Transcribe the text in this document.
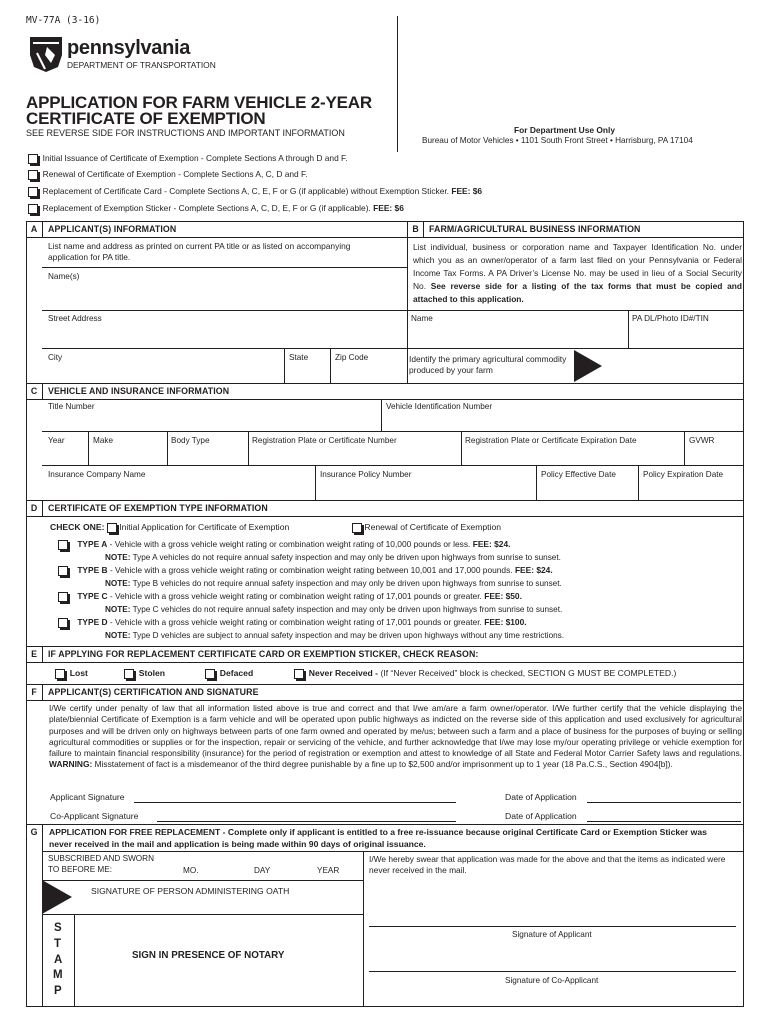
MV-77A (3-16)
pennsylvania
DEPARTMENT OF TRANSPORTATION
APPLICATION FOR FARM VEHICLE 2-YEAR
CERTIFICATE OF EXEMPTION
SEE REVERSE SIDE FOR INSTRUCTIONS AND IMPORTANT INFORMATION	For Department Use Only
Bureau of Motor Vehicles • 1101 South Front Street • Harrisburg, PA 17104
Initial Issuance of Certificate of Exemption - Complete Sections A through D and F.
Renewal of Certificate of Exemption - Complete Sections A, C, D and F.
Replacement of Certificate Card - Complete Sections A, C, E, F or G (if applicable) without Exemption Sticker. FEE: $6
Replacement of Exemption Sticker - Complete Sections A, C, D, E, F or G (if applicable). FEE: $6
A	APPLICANT(S) INFORMATION	B	FARM/AGRICULTURAL BUSINESS INFORMATION
List name and address as printed on current PA title or as listed on accompanying application for PA title.
Name(s)
Street Address
City	State	Zip Code
List individual, business or corporation name and Taxpayer Identification No. under which you as an owner/operator of a farm last filed on your Pennsylvania or Federal Income Tax Forms. A PA Driver’s License No. may be used in lieu of a Social Security No. See reverse side for a listing of the tax forms that must be copied and attached to this application.
Name	PA DL/Photo ID#/TIN
Identify the primary agricultural commodity produced by your farm
C	VEHICLE AND INSURANCE INFORMATION
Title Number	Vehicle Identification Number
Year	Make	Body Type	Registration Plate or Certificate Number	Registration Plate or Certificate Expiration Date	GVWR
Insurance Company Name	Insurance Policy Number	Policy Effective Date	Policy Expiration Date
D	CERTIFICATE OF EXEMPTION TYPE INFORMATION
CHECK ONE: Initial Application for Certificate of Exemption	Renewal of Certificate of Exemption
TYPE A - Vehicle with a gross vehicle weight rating or combination weight rating of 10,000 pounds or less. FEE: $24.
NOTE: Type A vehicles do not require annual safety inspection and may only be driven upon highways from sunrise to sunset.
TYPE B - Vehicle with a gross vehicle weight rating or combination weight rating between 10,001 and 17,000 pounds. FEE: $24.
NOTE: Type B vehicles do not require annual safety inspection and may only be driven upon highways from sunrise to sunset.
TYPE C - Vehicle with a gross vehicle weight rating or combination weight rating of 17,001 pounds or greater. FEE: $50.
NOTE: Type C vehicles do not require annual safety inspection and may only be driven upon highways from sunrise to sunset.
TYPE D - Vehicle with a gross vehicle weight rating or combination weight rating of 17,001 pounds or greater. FEE: $100.
NOTE: Type D vehicles are subject to annual safety inspection and may be driven upon highways without any time restrictions.
E	IF APPLYING FOR REPLACEMENT CERTIFICATE CARD OR EXEMPTION STICKER, CHECK REASON:
Lost	Stolen	Defaced	Never Received - (If “Never Received” block is checked, SECTION G MUST BE COMPLETED.)
F	APPLICANT(S) CERTIFICATION AND SIGNATURE
I/We certify under penalty of law that all information listed above is true and correct and that I/we am/are a farm owner/operator. I/We further certify that the vehicle displaying the plate/biennial Certificate of Exemption is a farm vehicle and will be operated upon public highways as indicted on the reverse side of this application and used exclusively for agricultural purposes and will be driven only on highways between parts of one farm owned and operated by me/us; between such a farm and a place of business for the purposes of buying or selling agricultural commodities or supplies or for the inspection, repair or servicing of the vehicle, and further acknowledge that I/we may lose my/our operating privilege or vehicle exemption for failure to maintain financial responsibility (insurance) for the period of registration or exemption and attest to knowledge of all State and Federal Motor Carrier Safety laws and regulations. WARNING: Misstatement of fact is a misdemeanor of the third degree punishable by a fine up to $2,500 and/or imprisonment up to 1 year (18 Pa.C.S., Section 4904[b]).
Applicant Signature	Date of Application
Co-Applicant Signature	Date of Application
G	APPLICATION FOR FREE REPLACEMENT - Complete only if applicant is entitled to a free re-issuance because original Certificate Card or Exemption Sticker was never received in the mail and application is being made within 90 days of original issuance.
SUBSCRIBED AND SWORN
TO BEFORE ME:	MO.	DAY	YEAR
I/We hereby swear that application was made for the above and that the items as indicated were never received in the mail.
SIGNATURE OF PERSON ADMINISTERING OATH
S
T
A
M
P
SIGN IN PRESENCE OF NOTARY
Signature of Applicant
Signature of Co-Applicant
